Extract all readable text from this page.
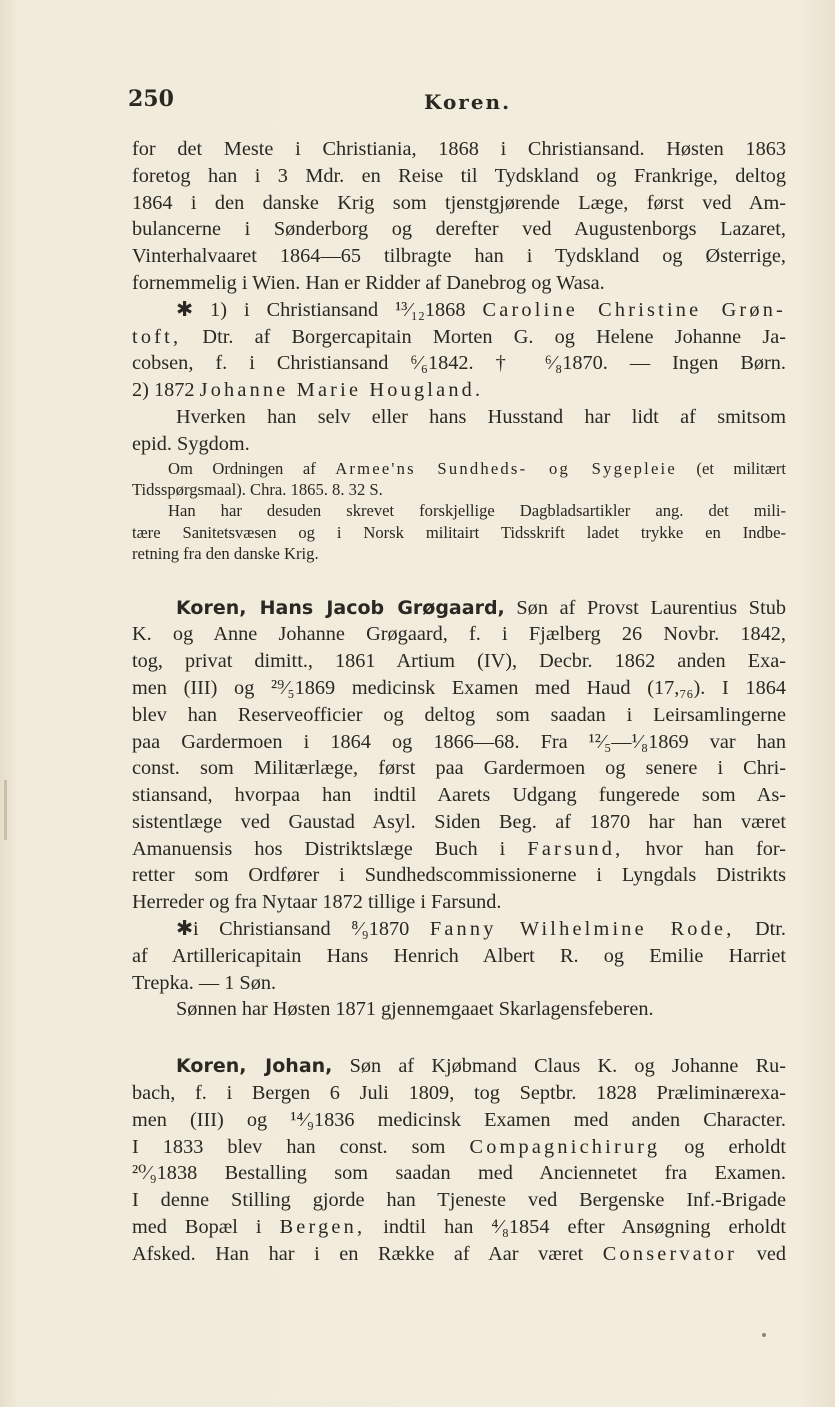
250	Koren.
for det Meste i Christiania, 1868 i Christiansand. Høsten 1863
foretog han i 3 Mdr. en Reise til Tydskland og Frankrige, deltog
1864 i den danske Krig som tjenstgjørende Læge, først ved Am-
bulancerne i Sønderborg og derefter ved Augustenborgs Lazaret,
Vinterhalvaaret 1864—65 tilbragte han i Tydskland og Østerrige,
fornemmelig i Wien. Han er Ridder af Danebrog og Wasa.
✱ 1) i Christiansand ¹³⁄₁₂1868 Caroline Christine Grøn-
toft, Dtr. af Borgercapitain Morten G. og Helene Johanne Ja-
cobsen, f. i Christiansand ⁶⁄₆1842. † ⁶⁄₈1870. — Ingen Børn.
2) 1872 Johanne Marie Hougland.
Hverken han selv eller hans Husstand har lidt af smitsom
epid. Sygdom.
Om Ordningen af Armee'ns Sundheds- og Sygepleie (et militært
Tidsspørgsmaal). Chra. 1865. 8. 32 S.
Han har desuden skrevet forskjellige Dagbladsartikler ang. det mili-
tære Sanitetsvæsen og i Norsk militairt Tidsskrift ladet trykke en Indbe-
retning fra den danske Krig.
Koren, Hans Jacob Grøgaard, Søn af Provst Laurentius Stub
K. og Anne Johanne Grøgaard, f. i Fjælberg 26 Novbr. 1842,
tog, privat dimitt., 1861 Artium (IV), Decbr. 1862 anden Exa-
men (III) og ²⁹⁄₅1869 medicinsk Examen med Haud (17,₇₆). I 1864
blev han Reserveofficier og deltog som saadan i Leirsamlingerne
paa Gardermoen i 1864 og 1866—68. Fra ¹²⁄₅—¹⁄₈1869 var han
const. som Militærlæge, først paa Gardermoen og senere i Chri-
stiansand, hvorpaa han indtil Aarets Udgang fungerede som As-
sistentlæge ved Gaustad Asyl. Siden Beg. af 1870 har han været
Amanuensis hos Distriktslæge Buch i Farsund, hvor han for-
retter som Ordfører i Sundhedscommissionerne i Lyngdals Distrikts
Herreder og fra Nytaar 1872 tillige i Farsund.
✱i Christiansand ⁸⁄₉1870 Fanny Wilhelmine Rode, Dtr.
af Artillericapitain Hans Henrich Albert R. og Emilie Harriet
Trepka. — 1 Søn.
Sønnen har Høsten 1871 gjennemgaaet Skarlagensfeberen.
Koren, Johan, Søn af Kjøbmand Claus K. og Johanne Ru-
bach, f. i Bergen 6 Juli 1809, tog Septbr. 1828 Præliminærexa-
men (III) og ¹⁴⁄₉1836 medicinsk Examen med anden Character.
I 1833 blev han const. som Compagnichirurg og erholdt
²⁰⁄₉1838 Bestalling som saadan med Anciennetet fra Examen.
I denne Stilling gjorde han Tjeneste ved Bergenske Inf.-Brigade
med Bopæl i Bergen, indtil han ⁴⁄₈1854 efter Ansøgning erholdt
Afsked. Han har i en Række af Aar været Conservator ved
